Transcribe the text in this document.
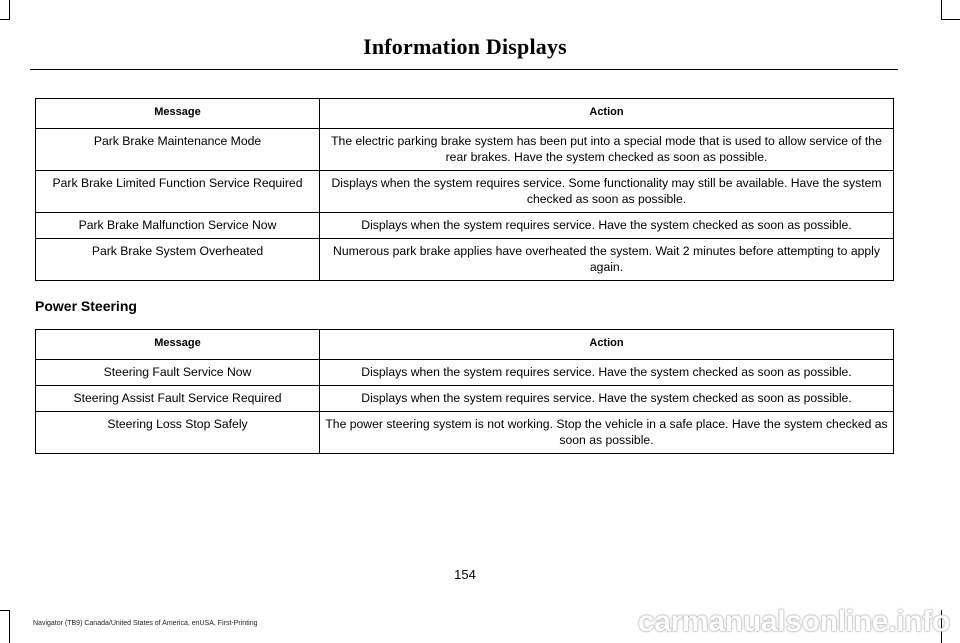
Information Displays
Message	Action
Park Brake Maintenance Mode	The electric parking brake system has been put into a special mode that is used to allow service of the rear brakes. Have the system checked as soon as possible.
Park Brake Limited Function Service Required	Displays when the system requires service. Some functionality may still be available. Have the system checked as soon as possible.
Park Brake Malfunction Service Now	Displays when the system requires service. Have the system checked as soon as possible.
Park Brake System Overheated	Numerous park brake applies have overheated the system. Wait 2 minutes before attempting to apply again.
Power Steering
Message	Action
Steering Fault Service Now	Displays when the system requires service. Have the system checked as soon as possible.
Steering Assist Fault Service Required	Displays when the system requires service. Have the system checked as soon as possible.
Steering Loss Stop Safely	The power steering system is not working. Stop the vehicle in a safe place. Have the system checked as soon as possible.
154
Navigator (TB9) Canada/United States of America, enUSA, First-Printing	carmanualsonline.info
